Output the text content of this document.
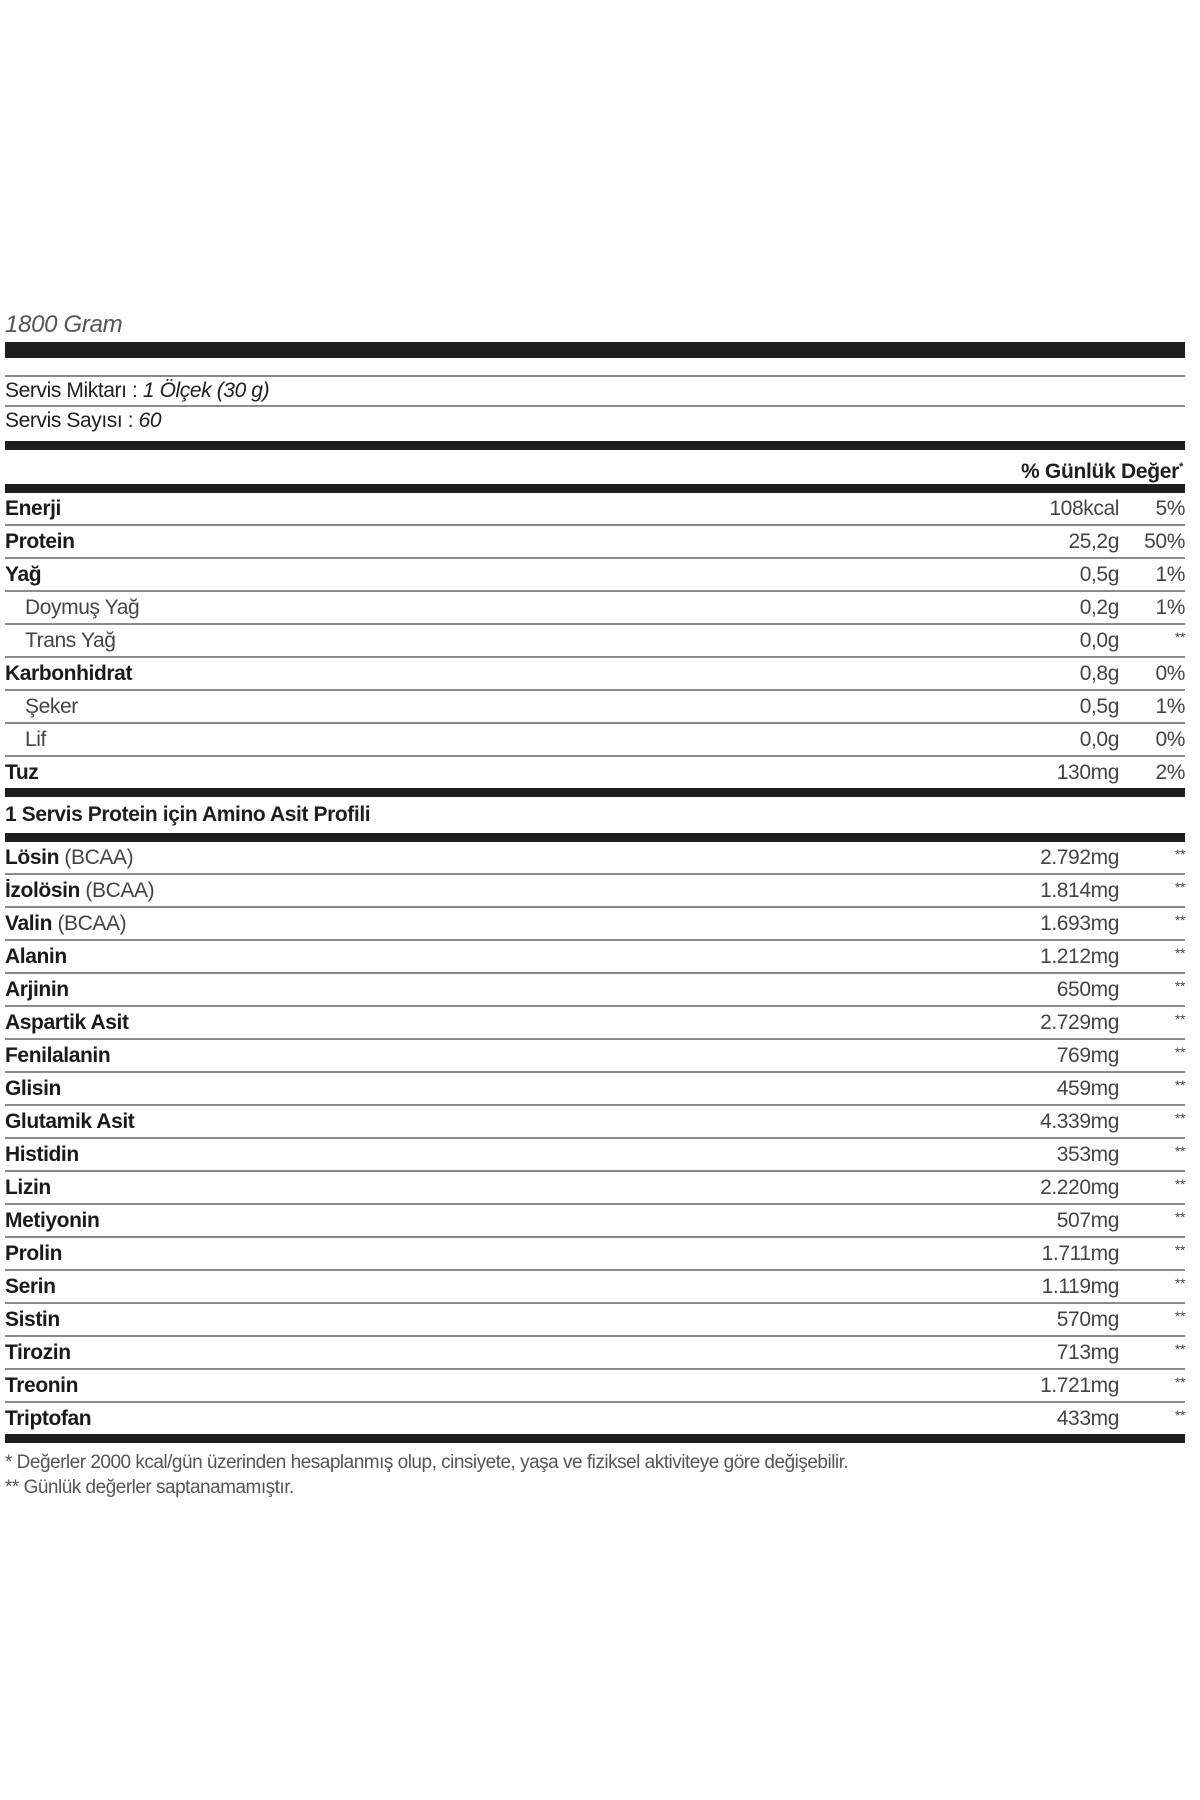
1800 Gram
Servis Miktarı : 1 Ölçek (30 g)
Servis Sayısı : 60
% Günlük Değer*
Enerji	108kcal	5%
Protein	25,2g	50%
Yağ	0,5g	1%
Doymuş Yağ	0,2g	1%
Trans Yağ	0,0g	**
Karbonhidrat	0,8g	0%
Şeker	0,5g	1%
Lif	0,0g	0%
Tuz	130mg	2%
1 Servis Protein için Amino Asit Profili
Lösin (BCAA)	2.792mg	**
İzolösin (BCAA)	1.814mg	**
Valin (BCAA)	1.693mg	**
Alanin	1.212mg	**
Arjinin	650mg	**
Aspartik Asit	2.729mg	**
Fenilalanin	769mg	**
Glisin	459mg	**
Glutamik Asit	4.339mg	**
Histidin	353mg	**
Lizin	2.220mg	**
Metiyonin	507mg	**
Prolin	1.711mg	**
Serin	1.119mg	**
Sistin	570mg	**
Tirozin	713mg	**
Treonin	1.721mg	**
Triptofan	433mg	**
* Değerler 2000 kcal/gün üzerinden hesaplanmış olup, cinsiyete, yaşa ve fiziksel aktiviteye göre değişebilir.
** Günlük değerler saptanamamıştır.
